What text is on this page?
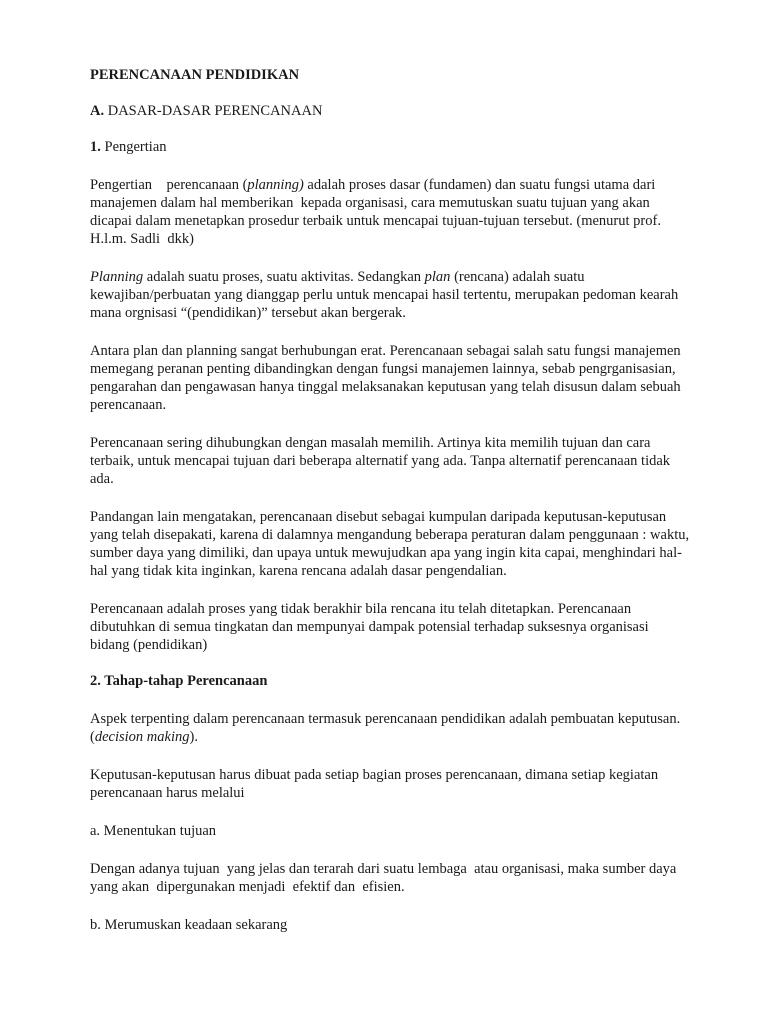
PERENCANAAN PENDIDIKAN

A. DASAR-DASAR PERENCANAAN

1. Pengertian

Pengertian    perencanaan (planning) adalah proses dasar (fundamen) dan suatu fungsi utama dari manajemen dalam hal memberikan  kepada organisasi, cara memutuskan suatu tujuan yang akan dicapai dalam menetapkan prosedur terbaik untuk mencapai tujuan-tujuan tersebut. (menurut prof. H.l.m. Sadli  dkk)

Planning adalah suatu proses, suatu aktivitas. Sedangkan plan (rencana) adalah suatu kewajiban/perbuatan yang dianggap perlu untuk mencapai hasil tertentu, merupakan pedoman kearah mana orgnisasi “(pendidikan)” tersebut akan bergerak.

Antara plan dan planning sangat berhubungan erat. Perencanaan sebagai salah satu fungsi manajemen memegang peranan penting dibandingkan dengan fungsi manajemen lainnya, sebab pengrganisasian, pengarahan dan pengawasan hanya tinggal melaksanakan keputusan yang telah disusun dalam sebuah perencanaan.

Perencanaan sering dihubungkan dengan masalah memilih. Artinya kita memilih tujuan dan cara terbaik, untuk mencapai tujuan dari beberapa alternatif yang ada. Tanpa alternatif perencanaan tidak ada.

Pandangan lain mengatakan, perencanaan disebut sebagai kumpulan daripada keputusan-keputusan yang telah disepakati, karena di dalamnya mengandung beberapa peraturan dalam penggunaan : waktu, sumber daya yang dimiliki, dan upaya untuk mewujudkan apa yang ingin kita capai, menghindari hal-hal yang tidak kita inginkan, karena rencana adalah dasar pengendalian.

Perencanaan adalah proses yang tidak berakhir bila rencana itu telah ditetapkan. Perencanaan dibutuhkan di semua tingkatan dan mempunyai dampak potensial terhadap suksesnya organisasi bidang (pendidikan)

2. Tahap-tahap Perencanaan

Aspek terpenting dalam perencanaan termasuk perencanaan pendidikan adalah pembuatan keputusan. (decision making).

Keputusan-keputusan harus dibuat pada setiap bagian proses perencanaan, dimana setiap kegiatan perencanaan harus melalui

a. Menentukan tujuan

Dengan adanya tujuan  yang jelas dan terarah dari suatu lembaga  atau organisasi, maka sumber daya yang akan  dipergunakan menjadi  efektif dan  efisien.

b. Merumuskan keadaan sekarang
